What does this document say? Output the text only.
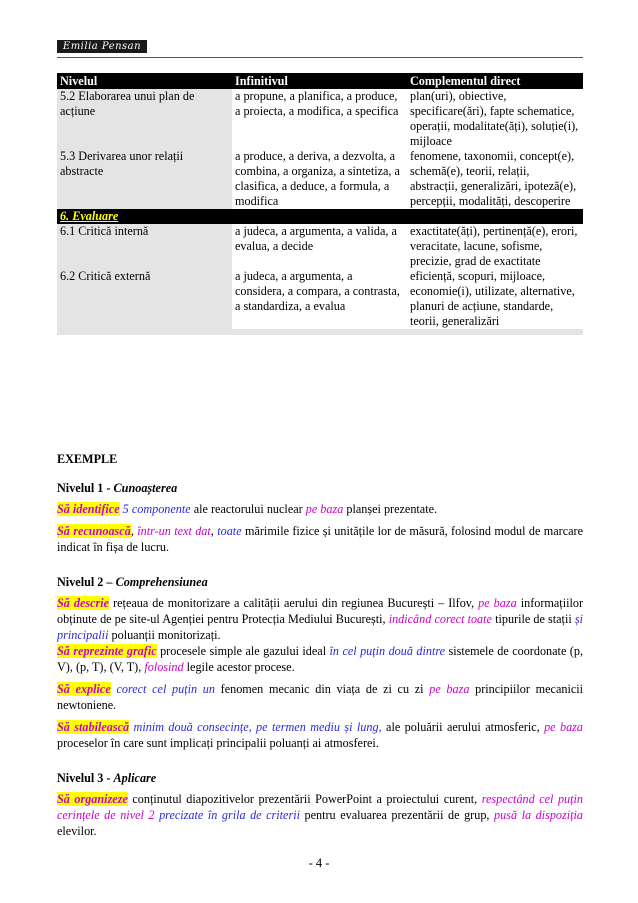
Emilia Pensan
Nivelul	Infinitivul	Complementul direct
5.2 Elaborarea unui plan de acțiune	a propune, a planifica, a produce, a proiecta, a modifica, a specifica	plan(uri), obiective, specificare(ări), fapte schematice, operații, modalitate(ăți), soluție(i), mijloace
5.3 Derivarea unor relații abstracte	a produce, a deriva, a dezvolta, a combina, a organiza, a sintetiza, a clasifica, a deduce, a formula, a modifica	fenomene, taxonomii, concept(e), schemă(e), teorii, relații, abstracții, generalizări, ipoteză(e), percepții, modalități, descoperire
6. Evaluare		

6.1 Critică internă	a judeca, a argumenta, a valida, a evalua, a decide	exactitate(ăți), pertinență(e), erori, veracitate, lacune, sofisme, precizie, grad de exactitate
6.2 Critică externă	a judeca, a argumenta, a considera, a compara, a contrasta, a standardiza, a evalua	eficiență, scopuri, mijloace, economie(i), utilizate, alternative, planuri de acțiune, standarde, teorii, generalizări

EXEMPLE

Nivelul 1 - Cunoașterea

Să identifice 5 componente ale reactorului nuclear pe baza planșei prezentate.

Să recunoască, într-un text dat, toate mărimile fizice și unitățile lor de măsură, folosind modul de marcare indicat în fișa de lucru.

Nivelul 2 – Comprehensiunea

Să descrie rețeaua de monitorizare a calității aerului din regiunea București – Ilfov, pe baza informațiilor obținute de pe site-ul Agenției pentru Protecția Mediului București, indicând corect toate tipurile de stații și principalii poluanții monitorizați.

Să reprezinte grafic procesele simple ale gazului ideal în cel puțin două dintre sistemele de coordonate (p, V), (p, T), (V, T), folosind legile acestor procese.

Să explice corect cel puțin un fenomen mecanic din viața de zi cu zi pe baza principiilor mecanicii newtoniene.

Să stabilească minim două consecințe, pe termen mediu și lung, ale poluării aerului atmosferic, pe baza proceselor în care sunt implicați principalii poluanți ai atmosferei.

Nivelul 3 - Aplicare

Să organizeze conținutul diapozitivelor prezentării PowerPoint a proiectului curent, respectând cel puțin cerințele de nivel 2 precizate în grila de criterii pentru evaluarea prezentării de grup, pusă la dispoziția elevilor.

- 4 -
